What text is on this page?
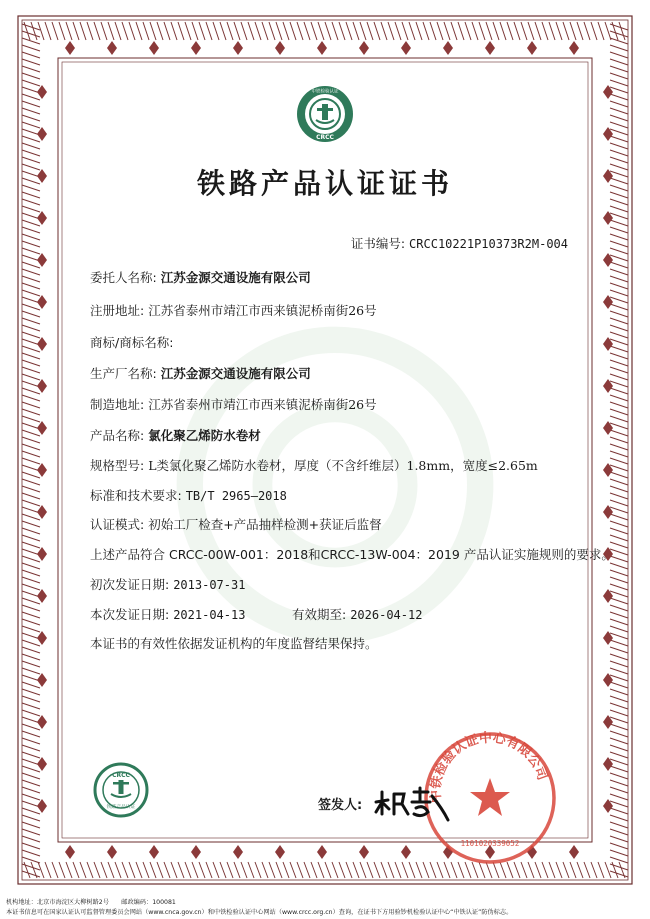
中铁检验认证
CRCC
铁路产品认证证书
证书编号: CRCC10221P10373R2M-004
委托人名称: 江苏金源交通设施有限公司
注册地址: 江苏省泰州市靖江市西来镇泥桥南街26号
商标/商标名称:
生产厂名称: 江苏金源交通设施有限公司
制造地址: 江苏省泰州市靖江市西来镇泥桥南街26号
产品名称: 氯化聚乙烯防水卷材
规格型号: L类氯化聚乙烯防水卷材，厚度（不含纤维层）1.8mm，宽度≤2.65m
标准和技术要求: TB/T 2965—2018
认证模式: 初始工厂检查+产品抽样检测+获证后监督
上述产品符合 CRCC-00W-001：2018和CRCC-13W-004：2019 产品认证实施规则的要求。
初次发证日期: 2013-07-31
本次发证日期: 2021-04-13	有效期至: 2026-04-12
本证书的有效性依据发证机构的年度监督结果保持。
CRCC
铁路产品认证	签发人:
中铁检验认证中心有限公司
1101020339052
机构地址：北京市海淀区大柳树路2号　　邮政编码：100081
本证书信息可在国家认证认可监督管理委员会网站（www.cnca.gov.cn）和中铁检验认证中心网站（www.crcc.org.cn）查询，在证书下方用验钞机检验认证中心“中铁认证”防伪标志。
